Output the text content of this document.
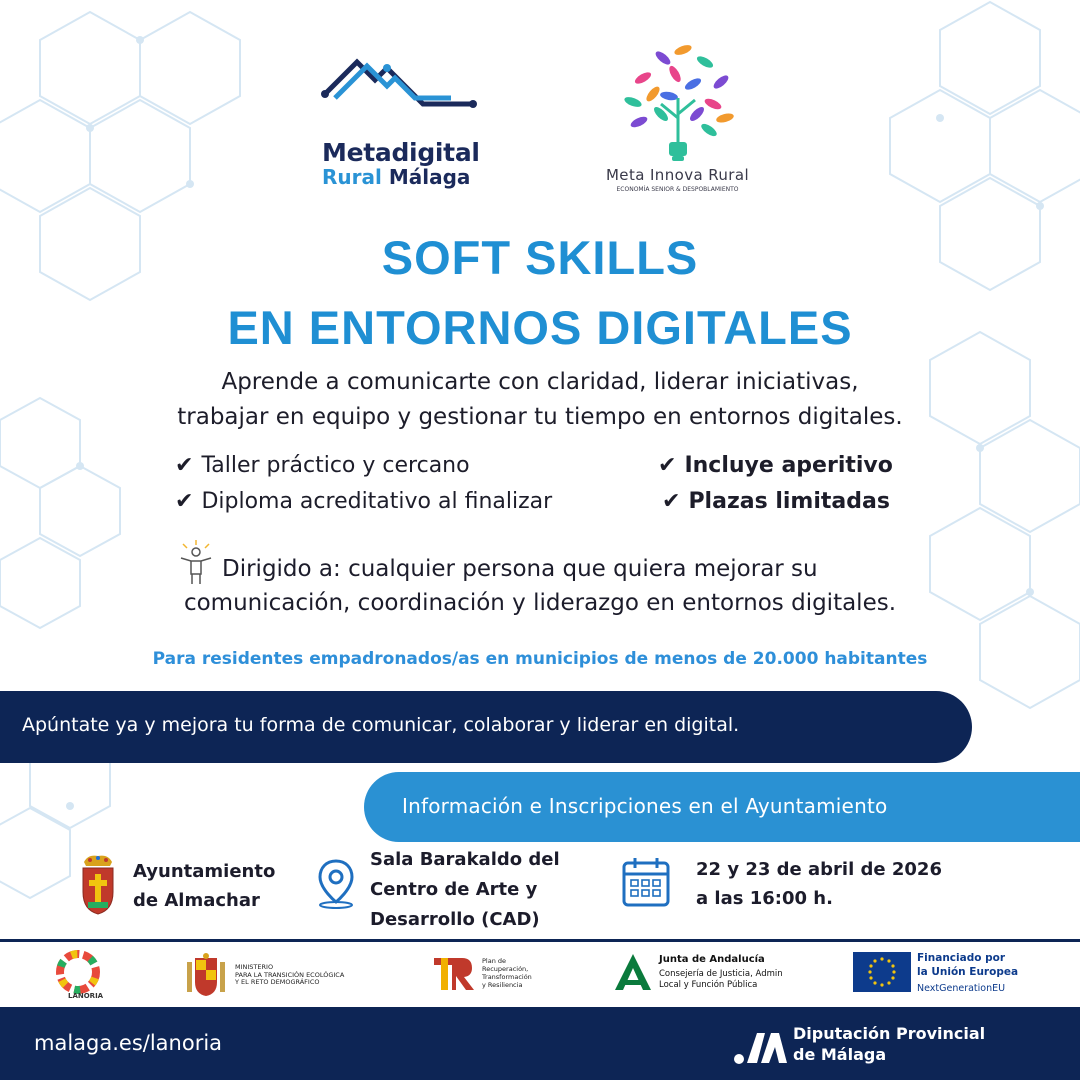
Metadigital
Rural Málaga	Meta Innova Rural
ECONOMÍA SENIOR & DESPOBLAMIENTO
SOFT SKILLS
EN ENTORNOS DIGITALES

Aprende a comunicarte con claridad, liderar iniciativas,

trabajar en equipo y gestionar tu tiempo en entornos digitales.

✔ Taller práctico y cercano
✔ Diploma acreditativo al finalizar
✔ Incluye aperitivo
✔ Plazas limitadas

Dirigido a: cualquier persona que quiera mejorar su

comunicación, coordinación y liderazgo en entornos digitales.

Para residentes empadronados/as en municipios de menos de 20.000 habitantes

Apúntate ya y mejora tu forma de comunicar, colaborar y liderar en digital.
Información e Inscripciones en el Ayuntamiento

Ayuntamiento

de Almachar

Sala Barakaldo del

Centro de Arte y

Desarrollo (CAD)

22 y 23 de abril de 2026

a las 16:00 h.

LANORIA
MINISTERIO
PARA LA TRANSICIÓN ECOLÓGICA
Y EL RETO DEMOGRÁFICO
Plan de
Recuperación,
Transformación
y Resiliencia
Junta de Andalucía
Consejería de Justicia, Admin
Local y Función Pública
Financiado por
la Unión Europea
NextGenerationEU
malaga.es/lanoria	Diputación Provincial
de Málaga
